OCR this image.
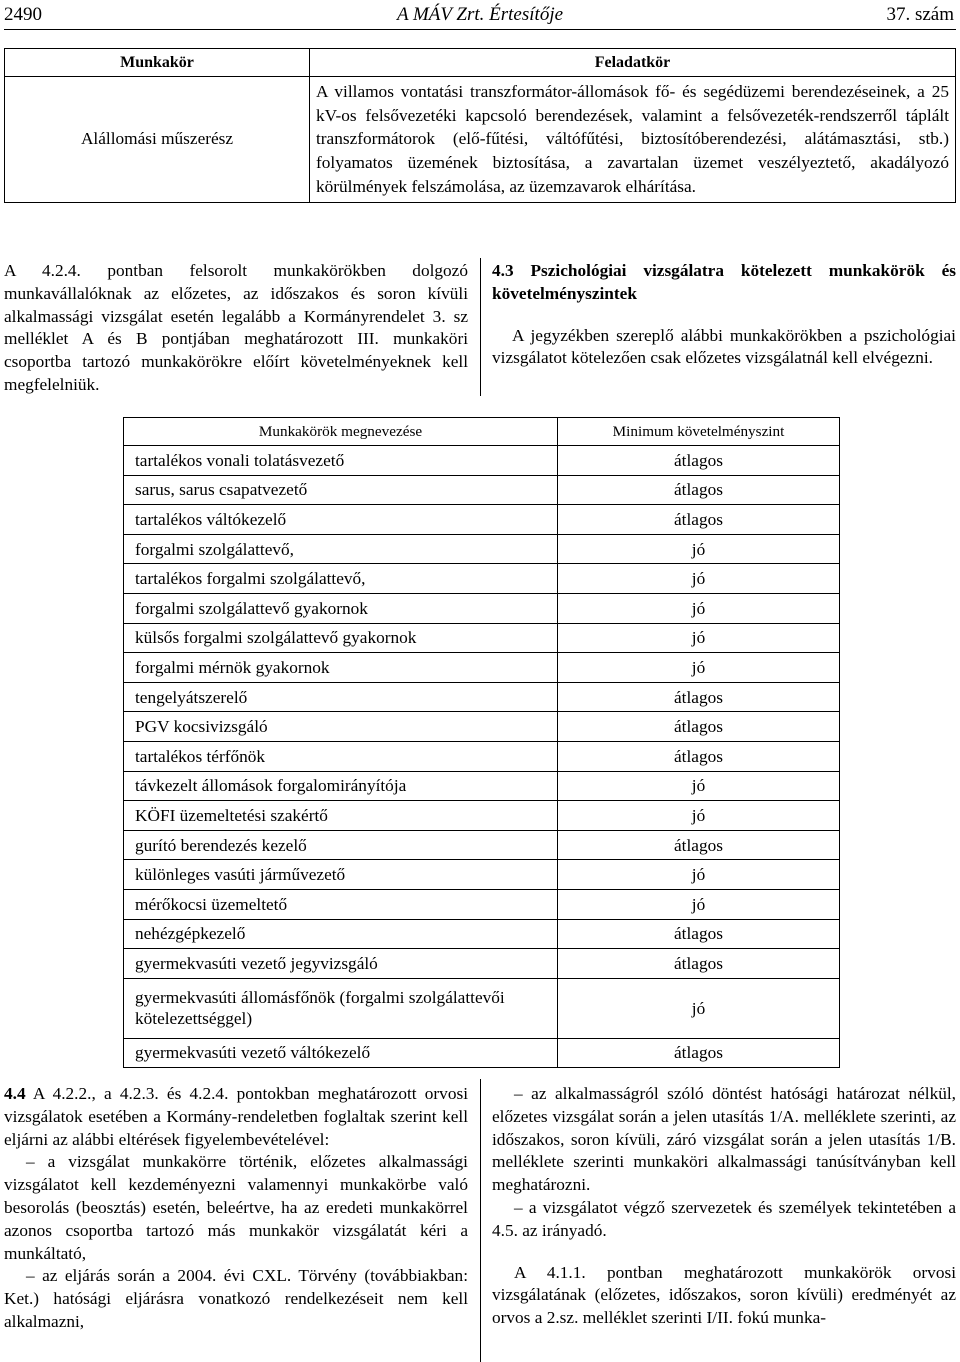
A MÁV Zrt. Értesítője
2490	37. szám
Munkakör	Feladatkör
Alállomási műszerész	A villamos vontatási transzformátor-állomások fő- és segédüzemi berendezéseinek, a 25 kV-os felsővezetéki kapcsoló berendezések, valamint a felsővezeték-rendszerről táplált transzformátorok (elő-fűtési, váltófűtési, biztosítóberendezési, alátámasztási, stb.) folyamatos üzemének biztosítása, a zavartalan üzemet veszélyeztető, akadályozó körülmények felszámolása, az üzemzavarok elhárítása.
A 4.2.4. pontban felsorolt munkakörökben dolgozó munkavállalóknak az előzetes, az időszakos és soron kívüli alkalmassági vizsgálat esetén legalább a Kormányrendelet 3. sz melléklet A és B pontjában meghatározott III. munkaköri csoportba tartozó munkakörökre előírt követelményeknek kell megfelelniük.
4.3 Pszichológiai vizsgálatra kötelezett munkakörök és követelményszintek
A jegyzékben szereplő alábbi munkakörökben a pszichológiai vizsgálatot kötelezően csak előzetes vizsgálatnál kell elvégezni.
Munkakörök megnevezése	Minimum követelményszint
tartalékos vonali tolatásvezető	átlagos
sarus, sarus csapatvezető	átlagos
tartalékos váltókezelő	átlagos
forgalmi szolgálattevő,	jó
tartalékos forgalmi szolgálattevő,	jó
forgalmi szolgálattevő gyakornok	jó
külsős forgalmi szolgálattevő gyakornok	jó
forgalmi mérnök gyakornok	jó
tengelyátszerelő	átlagos
PGV kocsivizsgáló	átlagos
tartalékos térfőnök	átlagos
távkezelt állomások forgalomirányítója	jó
KÖFI üzemeltetési szakértő	jó
gurító berendezés kezelő	átlagos
különleges vasúti járművezető	jó
mérőkocsi üzemeltető	jó
nehézgépkezelő	átlagos
gyermekvasúti vezető jegyvizsgáló	átlagos
gyermekvasúti állomásfőnök (forgalmi szolgálattevői kötelezettséggel)	jó
gyermekvasúti vezető váltókezelő	átlagos
4.4 A 4.2.2., a 4.2.3. és 4.2.4. pontokban meghatározott orvosi vizsgálatok esetében a Kormány-rendeletben foglaltak szerint kell eljárni az alábbi eltérések figyelembevételével:
– a vizsgálat munkakörre történik, előzetes alkalmassági vizsgálatot kell kezdeményezni valamennyi munkakörbe való besorolás (beosztás) esetén, beleértve, ha az eredeti munkakörrel azonos csoportba tartozó más munkakör vizsgálatát kéri a munkáltató,
– az eljárás során a 2004. évi CXL. Törvény (továbbiakban: Ket.) hatósági eljárásra vonatkozó rendelkezéseit nem kell alkalmazni,
– az alkalmasságról szóló döntést hatósági határozat nélkül, előzetes vizsgálat során a jelen utasítás 1/A. melléklete szerinti, az időszakos, soron kívüli, záró vizsgálat során a jelen utasítás 1/B. melléklete szerinti munkaköri alkalmassági tanúsítványban kell meghatározni.
– a vizsgálatot végző szervezetek és személyek tekintetében a 4.5. az irányadó.
A 4.1.1. pontban meghatározott munkakörök orvosi vizsgálatának (előzetes, időszakos, soron kívüli) eredményét az orvos a 2.sz. melléklet szerinti I/II. fokú munka-
